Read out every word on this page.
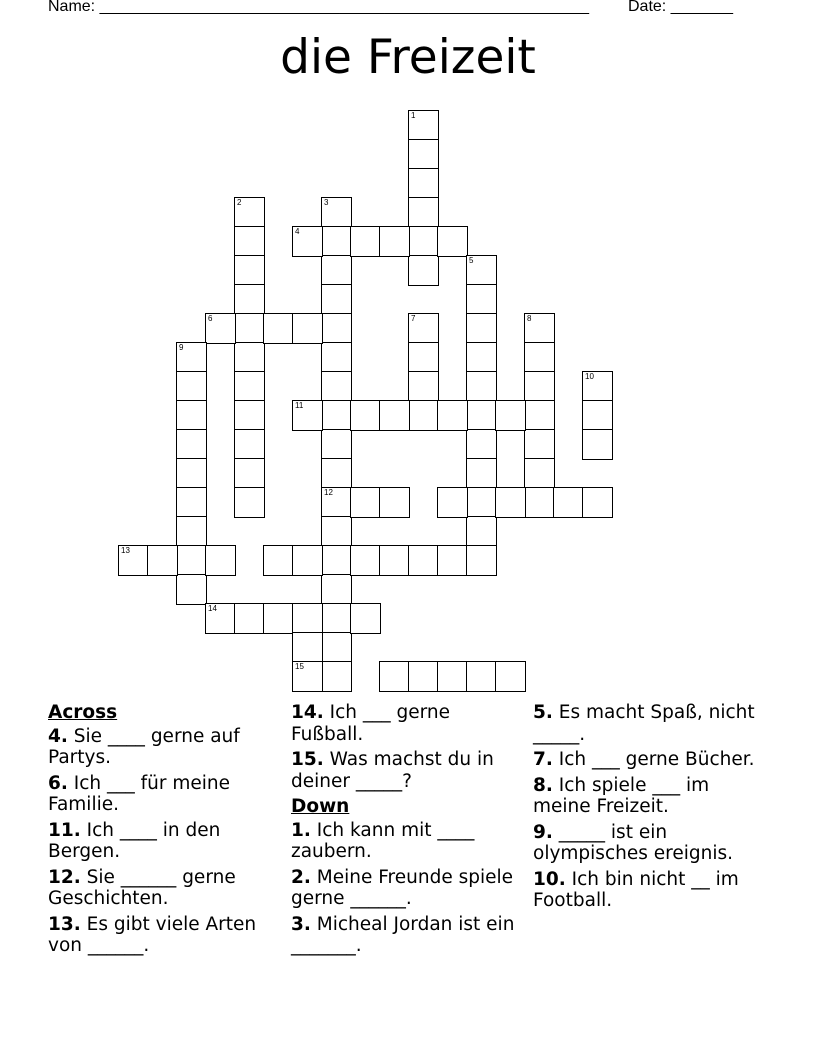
Name: _______________________________________________________ Date: _______
die Freizeit
1
2	3
12
4
5
6	7	8
9
10
11
13
14
15
Across
4. Sie ____ gerne auf Partys.
6. Ich ___ für meine Familie.
11. Ich ____ in den Bergen.
12. Sie ______ gerne Geschichten.
13. Es gibt viele Arten von ______.
14. Ich ___ gerne Fußball.
15. Was machst du in deiner _____?
Down
1. Ich kann mit ____ zaubern.
2. Meine Freunde spiele gerne ______.
3. Micheal Jordan ist ein _______.
5. Es macht Spaß, nicht _____.
7. Ich ___ gerne Bücher.
8. Ich spiele ___ im meine Freizeit.
9. _____ ist ein olympisches ereignis.
10. Ich bin nicht __ im Football.
